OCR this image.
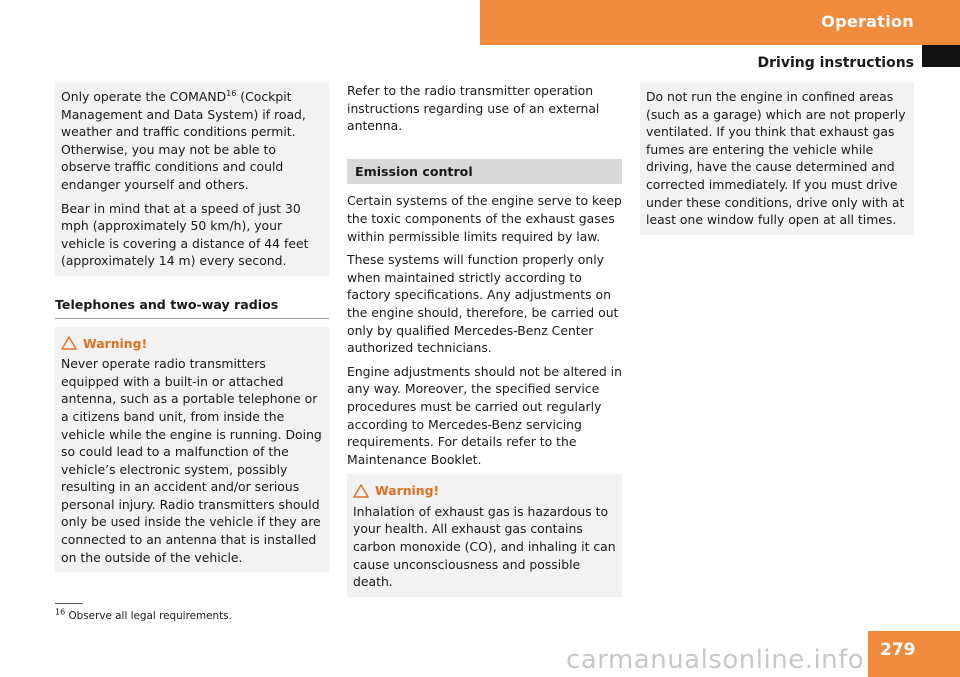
Operation
Driving instructions

Only operate the COMAND$^{16}$ (Cockpit Management and Data System) if road, weather and traffic conditions permit. Otherwise, you may not be able to observe traffic conditions and could endanger yourself and others.

Bear in mind that at a speed of just 30 mph (approximately 50 km/h), your vehicle is covering a distance of 44 feet (approximately 14 m) every second.

Telephones and two-way radios
Warning!

Never operate radio transmitters equipped with a built-in or attached antenna, such as a portable telephone or a citizens band unit, from inside the vehicle while the engine is running. Doing so could lead to a malfunction of the vehicle’s electronic system, possibly resulting in an accident and/or serious personal injury. Radio transmitters should only be used inside the vehicle if they are connected to an antenna that is installed on the outside of the vehicle.

Refer to the radio transmitter operation instructions regarding use of an external antenna.

Emission control

Certain systems of the engine serve to keep the toxic components of the exhaust gases within permissible limits required by law.

These systems will function properly only when maintained strictly according to factory specifications. Any adjustments on the engine should, therefore, be carried out only by qualified Mercedes-Benz Center authorized technicians.

Engine adjustments should not be altered in any way. Moreover, the specified service procedures must be carried out regularly according to Mercedes-Benz servicing requirements. For details refer to the Maintenance Booklet.

Warning!

Inhalation of exhaust gas is hazardous to your health. All exhaust gas contains carbon monoxide (CO), and inhaling it can cause unconsciousness and possible death.

Do not run the engine in confined areas (such as a garage) which are not properly ventilated. If you think that exhaust gas fumes are entering the vehicle while driving, have the cause determined and corrected immediately. If you must drive under these conditions, drive only with at least one window fully open at all times.

$^{16}$ Observe all legal requirements.
carmanualsonline.info 279
